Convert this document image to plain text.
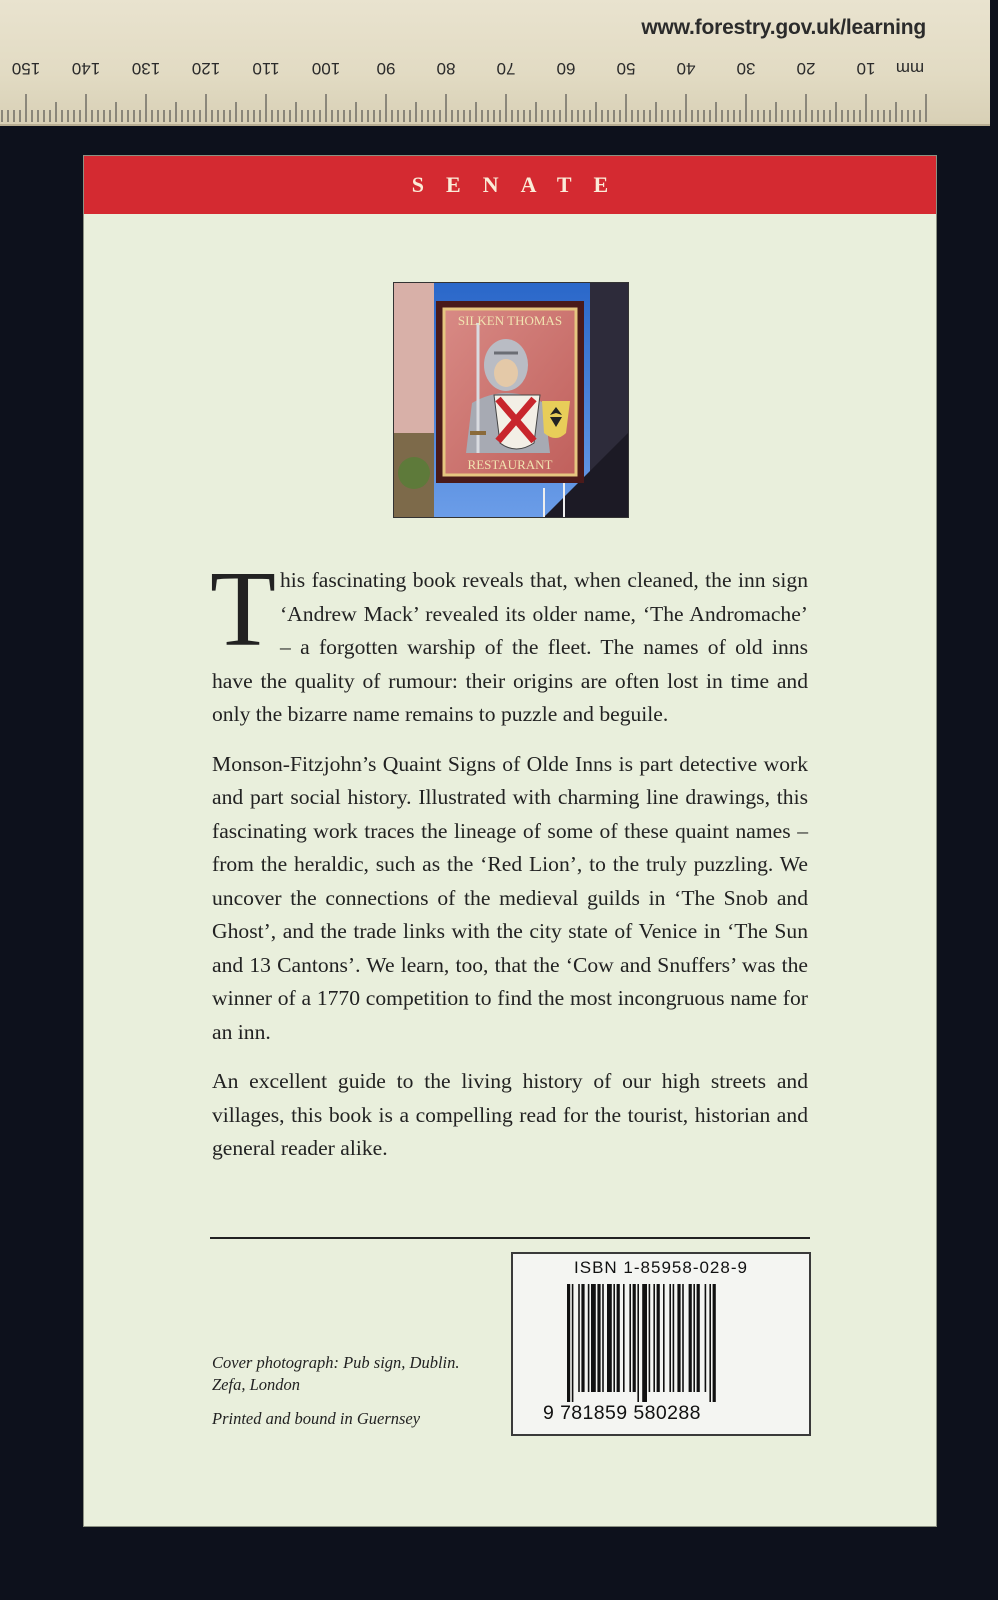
www.forestry.gov.uk/learning
mm
10
20
30
40
50
60
70
80
90
100
110
120
130
140
150
SENATE
SILKEN THOMAS
RESTAURANT

This fascinating book reveals that, when cleaned, the inn sign ‘Andrew Mack’ revealed its older name, ‘The Andromache’ – a forgotten warship of the fleet. The names of old inns have the quality of rumour: their origins are often lost in time and only the bizarre name remains to puzzle and beguile.

Monson-Fitzjohn’s Quaint Signs of Olde Inns is part detective work and part social history. Illustrated with charming line drawings, this fascinating work traces the lineage of some of these quaint names – from the heraldic, such as the ‘Red Lion’, to the truly puzzling. We uncover the connections of the medieval guilds in ‘The Snob and Ghost’, and the trade links with the city state of Venice in ‘The Sun and 13 Cantons’. We learn, too, that the ‘Cow and Snuffers’ was the winner of a 1770 competition to find the most incongruous name for an inn.

An excellent guide to the living history of our high streets and villages, this book is a compelling read for the tourist, historian and general reader alike.

Cover photograph: Pub sign, Dublin.

Zefa, London

Printed and bound in Guernsey

ISBN 1-85958-028-9
9 781859 580288
